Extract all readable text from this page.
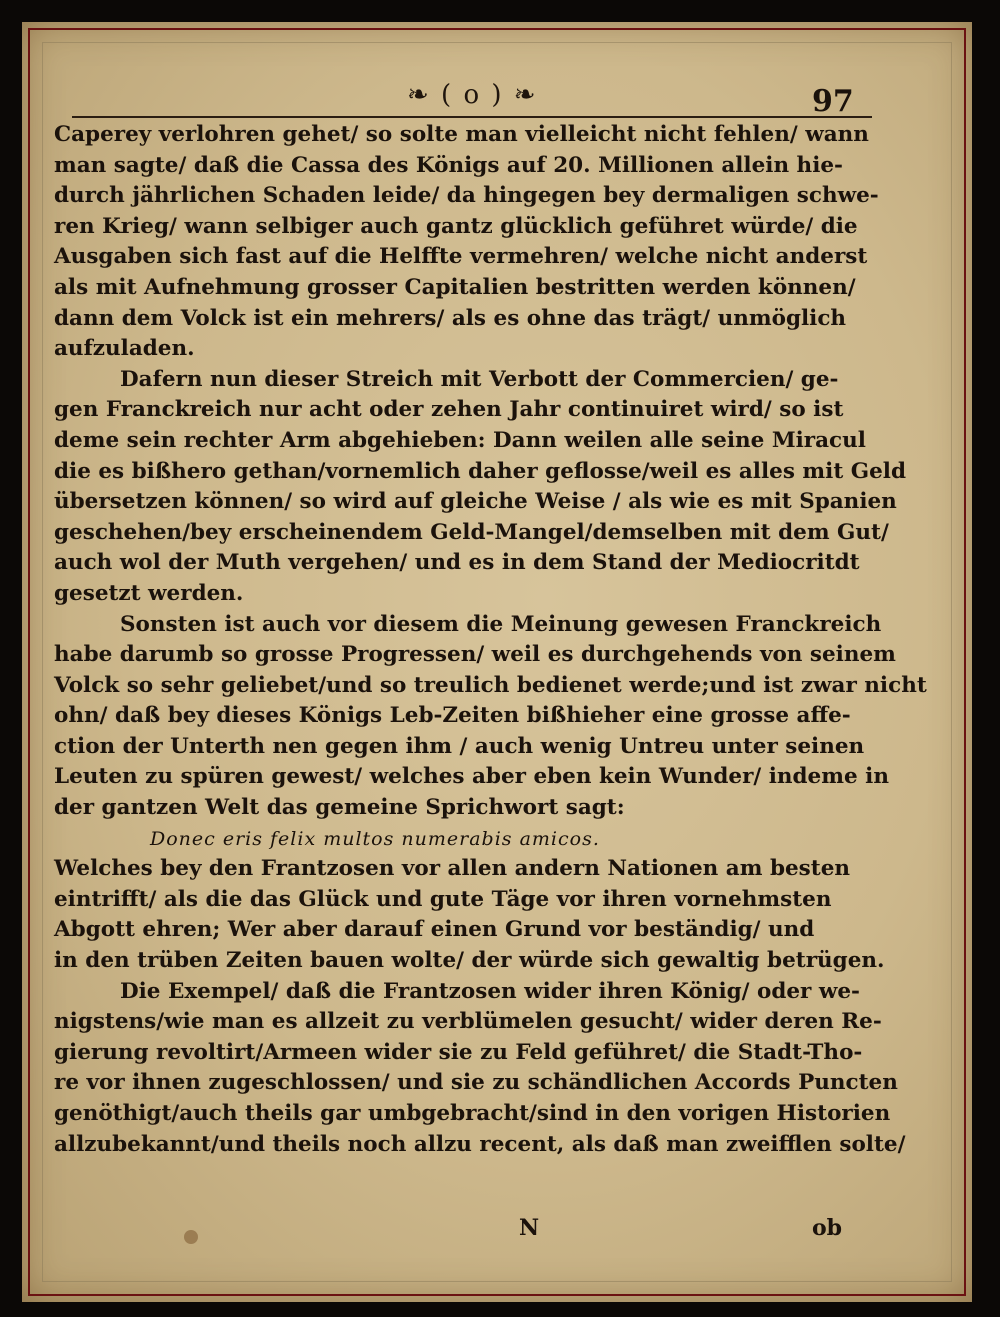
❧ ( o ) ❧	97
Caperey verlohren gehet/ so solte man vielleicht nicht fehlen/ wann
man sagte/ daß die Cassa des Königs auf 20. Millionen allein hie-
durch jährlichen Schaden leide/ da hingegen bey dermaligen schwe-
ren Krieg/ wann selbiger auch gantz glücklich geführet würde/ die
Ausgaben sich fast auf die Helffte vermehren/ welche nicht anderst
als mit Aufnehmung grosser Capitalien bestritten werden können/
dann dem Volck ist ein mehrers/ als es ohne das trägt/ unmöglich
aufzuladen.
Dafern nun dieser Streich mit Verbott der Commercien/ ge-
gen Franckreich nur acht oder zehen Jahr continuiret wird/ so ist
deme sein rechter Arm abgehieben: Dann weilen alle seine Miracul
die es bißhero gethan/vornemlich daher geflosse/weil es alles mit Geld
übersetzen können/ so wird auf gleiche Weise / als wie es mit Spanien
geschehen/bey erscheinendem Geld-Mangel/demselben mit dem Gut/
auch wol der Muth vergehen/ und es in dem Stand der Mediocritdt
gesetzt werden.
Sonsten ist auch vor diesem die Meinung gewesen Franckreich
habe darumb so grosse Progressen/ weil es durchgehends von seinem
Volck so sehr geliebet/und so treulich bedienet werde;und ist zwar nicht
ohn/ daß bey dieses Königs Leb-Zeiten bißhieher eine grosse affe-
ction der Unterth nen gegen ihm / auch wenig Untreu unter seinen
Leuten zu spüren gewest/ welches aber eben kein Wunder/ indeme in
der gantzen Welt das gemeine Sprichwort sagt:
Donec eris felix multos numerabis amicos.
Welches bey den Frantzosen vor allen andern Nationen am besten
eintrifft/ als die das Glück und gute Täge vor ihren vornehmsten
Abgott ehren; Wer aber darauf einen Grund vor beständig/ und
in den trüben Zeiten bauen wolte/ der würde sich gewaltig betrügen.
Die Exempel/ daß die Frantzosen wider ihren König/ oder we-
nigstens/wie man es allzeit zu verblümelen gesucht/ wider deren Re-
gierung revoltirt/Armeen wider sie zu Feld geführet/ die Stadt-Tho-
re vor ihnen zugeschlossen/ und sie zu schändlichen Accords Puncten
genöthigt/auch theils gar umbgebracht/sind in den vorigen Historien
allzubekannt/und theils noch allzu recent, als daß man zweifflen solte/
N	ob
